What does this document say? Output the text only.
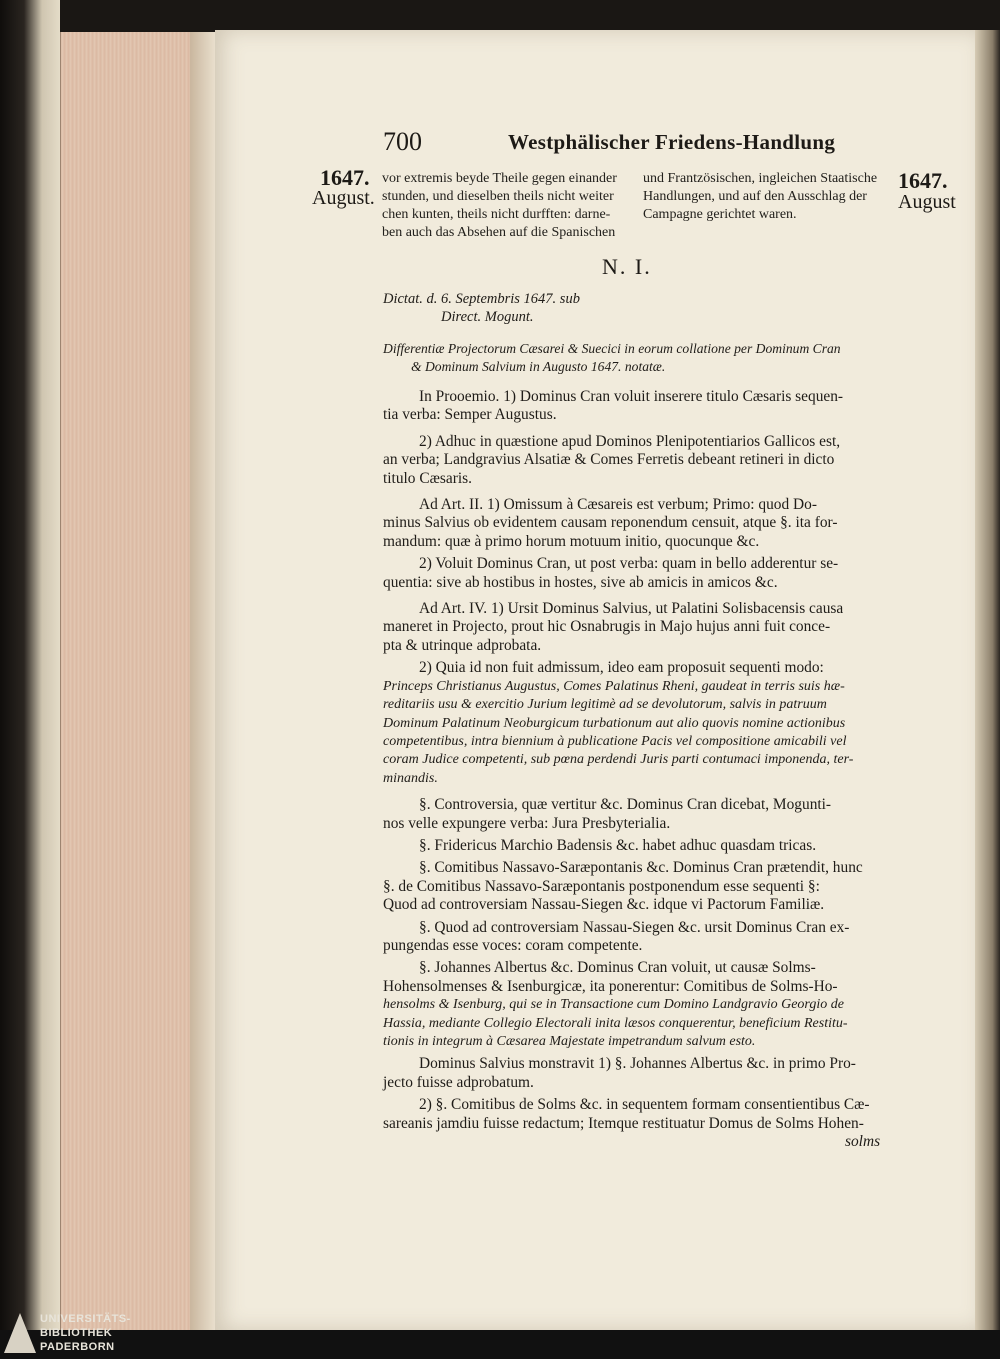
700	Westphälischer Friedens-Handlung
1647.
August.
1647.
August
vor extremis beyde Theile gegen einander
stunden, und dieselben theils nicht weiter
chen kunten, theils nicht durfften: darne-
ben auch das Absehen auf die Spanischen
und Frantzösischen, ingleichen Staatische
Handlungen, und auf den Ausschlag der
Campagne gerichtet waren.
N. I.
Dictat. d. 6. Septembris 1647. sub
Direct. Mogunt.
Differentiæ Projectorum Cæsarei & Suecici in eorum collatione per Dominum Cran
& Dominum Salvium in Augusto 1647. notatæ.
In Prooemio. 1) Dominus Cran voluit inserere titulo Cæsaris sequen-
tia verba: Semper Augustus.
2) Adhuc in quæstione apud Dominos Plenipotentiarios Gallicos est,
an verba; Landgravius Alsatiæ & Comes Ferretis debeant retineri in dicto
titulo Cæsaris.
Ad Art. II. 1) Omissum à Cæsareis est verbum; Primo: quod Do-
minus Salvius ob evidentem causam reponendum censuit, atque §. ita for-
mandum: quæ à primo horum motuum initio, quocunque &c.
2) Voluit Dominus Cran, ut post verba: quam in bello adderentur se-
quentia: sive ab hostibus in hostes, sive ab amicis in amicos &c.
Ad Art. IV. 1) Ursit Dominus Salvius, ut Palatini Solisbacensis causa
maneret in Projecto, prout hic Osnabrugis in Majo hujus anni fuit conce-
pta & utrinque adprobata.
2) Quia id non fuit admissum, ideo eam proposuit sequenti modo:
Princeps Christianus Augustus, Comes Palatinus Rheni, gaudeat in terris suis hæ-
reditariis usu & exercitio Jurium legitimè ad se devolutorum, salvis in patruum
Dominum Palatinum Neoburgicum turbationum aut alio quovis nomine actionibus
competentibus, intra biennium à publicatione Pacis vel compositione amicabili vel
coram Judice competenti, sub pœna perdendi Juris parti contumaci imponenda, ter-
minandis.
§. Controversia, quæ vertitur &c. Dominus Cran dicebat, Mogunti-
nos velle expungere verba: Jura Presbyterialia.
§. Fridericus Marchio Badensis &c. habet adhuc quasdam tricas.
§. Comitibus Nassavo-Saræpontanis &c. Dominus Cran prætendit, hunc
§. de Comitibus Nassavo-Saræpontanis postponendum esse sequenti §:
Quod ad controversiam Nassau-Siegen &c. idque vi Pactorum Familiæ.
§. Quod ad controversiam Nassau-Siegen &c. ursit Dominus Cran ex-
pungendas esse voces: coram competente.
§. Johannes Albertus &c. Dominus Cran voluit, ut causæ Solms-
Hohensolmenses & Isenburgicæ, ita ponerentur: Comitibus de Solms-Ho-
hensolms & Isenburg, qui se in Transactione cum Domino Landgravio Georgio de
Hassia, mediante Collegio Electorali inita læsos conquerentur, beneficium Restitu-
tionis in integrum à Cæsarea Majestate impetrandum salvum esto.
Dominus Salvius monstravit 1) §. Johannes Albertus &c. in primo Pro-
jecto fuisse adprobatum.
2) §. Comitibus de Solms &c. in sequentem formam consentientibus Cæ-
sareanis jamdiu fuisse redactum; Itemque restituatur Domus de Solms Hohen-
solms
UNIVERSITÄTS-
BIBLIOTHEK
PADERBORN
